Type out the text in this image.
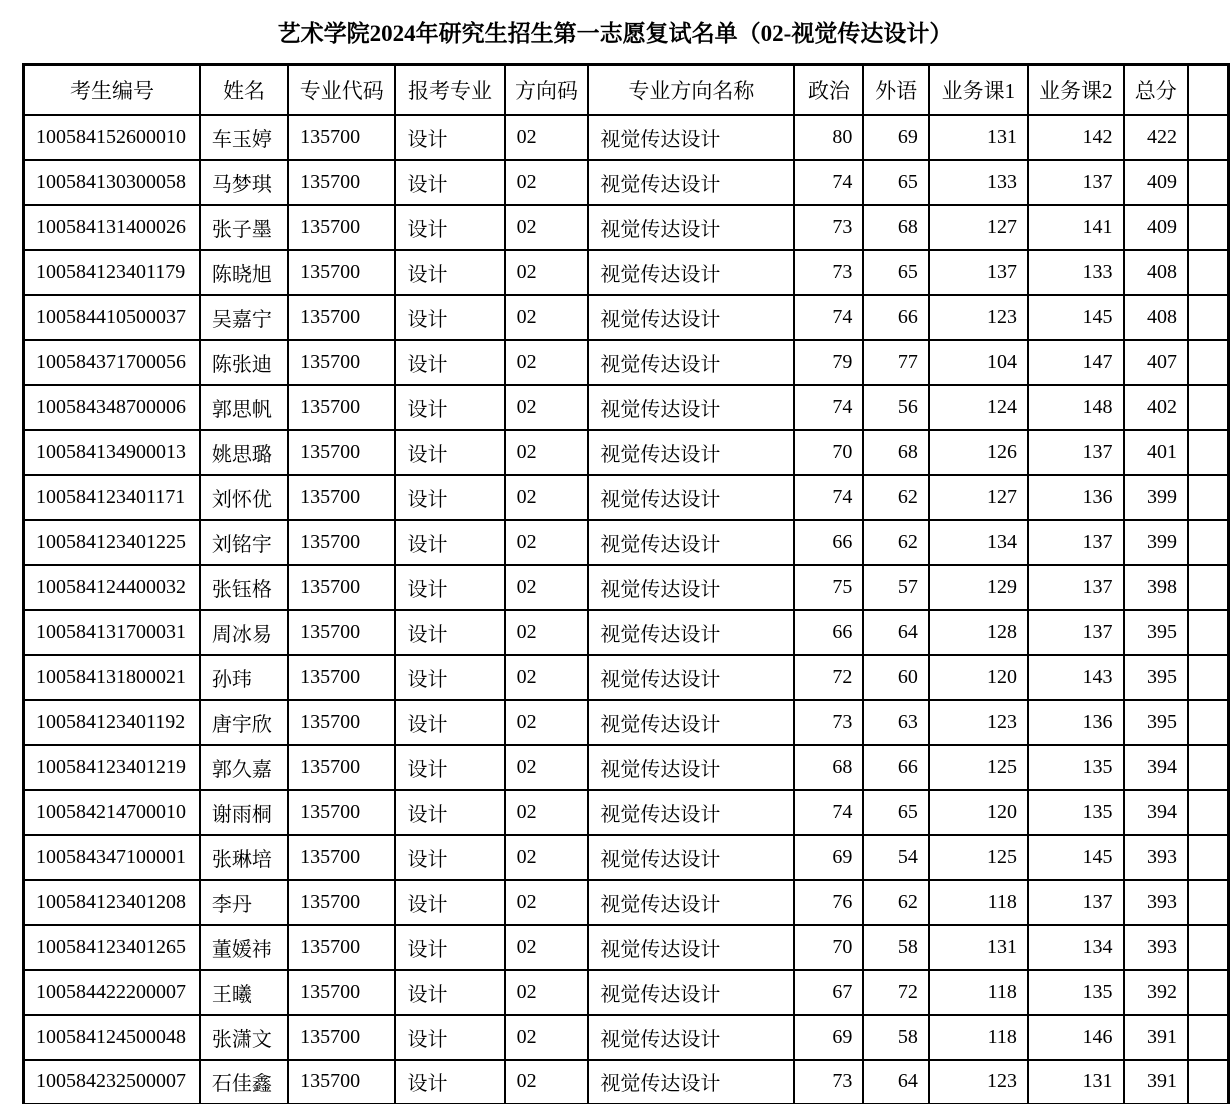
艺术学院2024年研究生招生第一志愿复试名单（02-视觉传达设计）
考生编号	姓名	专业代码	报考专业	方向码	专业方向名称	政治	外语	业务课1	业务课2	总分	
100584152600010	车玉婷	135700	设计	02	视觉传达设计	80	69	131	142	422	
100584130300058	马梦琪	135700	设计	02	视觉传达设计	74	65	133	137	409	
100584131400026	张子墨	135700	设计	02	视觉传达设计	73	68	127	141	409	
100584123401179	陈晓旭	135700	设计	02	视觉传达设计	73	65	137	133	408	
100584410500037	吴嘉宁	135700	设计	02	视觉传达设计	74	66	123	145	408	
100584371700056	陈张迪	135700	设计	02	视觉传达设计	79	77	104	147	407	
100584348700006	郭思帆	135700	设计	02	视觉传达设计	74	56	124	148	402	
100584134900013	姚思璐	135700	设计	02	视觉传达设计	70	68	126	137	401	
100584123401171	刘怀优	135700	设计	02	视觉传达设计	74	62	127	136	399	
100584123401225	刘铭宇	135700	设计	02	视觉传达设计	66	62	134	137	399	
100584124400032	张钰格	135700	设计	02	视觉传达设计	75	57	129	137	398	
100584131700031	周冰易	135700	设计	02	视觉传达设计	66	64	128	137	395	
100584131800021	孙玮	135700	设计	02	视觉传达设计	72	60	120	143	395	
100584123401192	唐宇欣	135700	设计	02	视觉传达设计	73	63	123	136	395	
100584123401219	郭久嘉	135700	设计	02	视觉传达设计	68	66	125	135	394	
100584214700010	谢雨桐	135700	设计	02	视觉传达设计	74	65	120	135	394	
100584347100001	张琳培	135700	设计	02	视觉传达设计	69	54	125	145	393	
100584123401208	李丹	135700	设计	02	视觉传达设计	76	62	118	137	393	
100584123401265	董媛祎	135700	设计	02	视觉传达设计	70	58	131	134	393	
100584422200007	王曦	135700	设计	02	视觉传达设计	67	72	118	135	392	
100584124500048	张潇文	135700	设计	02	视觉传达设计	69	58	118	146	391	
100584232500007	石佳鑫	135700	设计	02	视觉传达设计	73	64	123	131	391	
